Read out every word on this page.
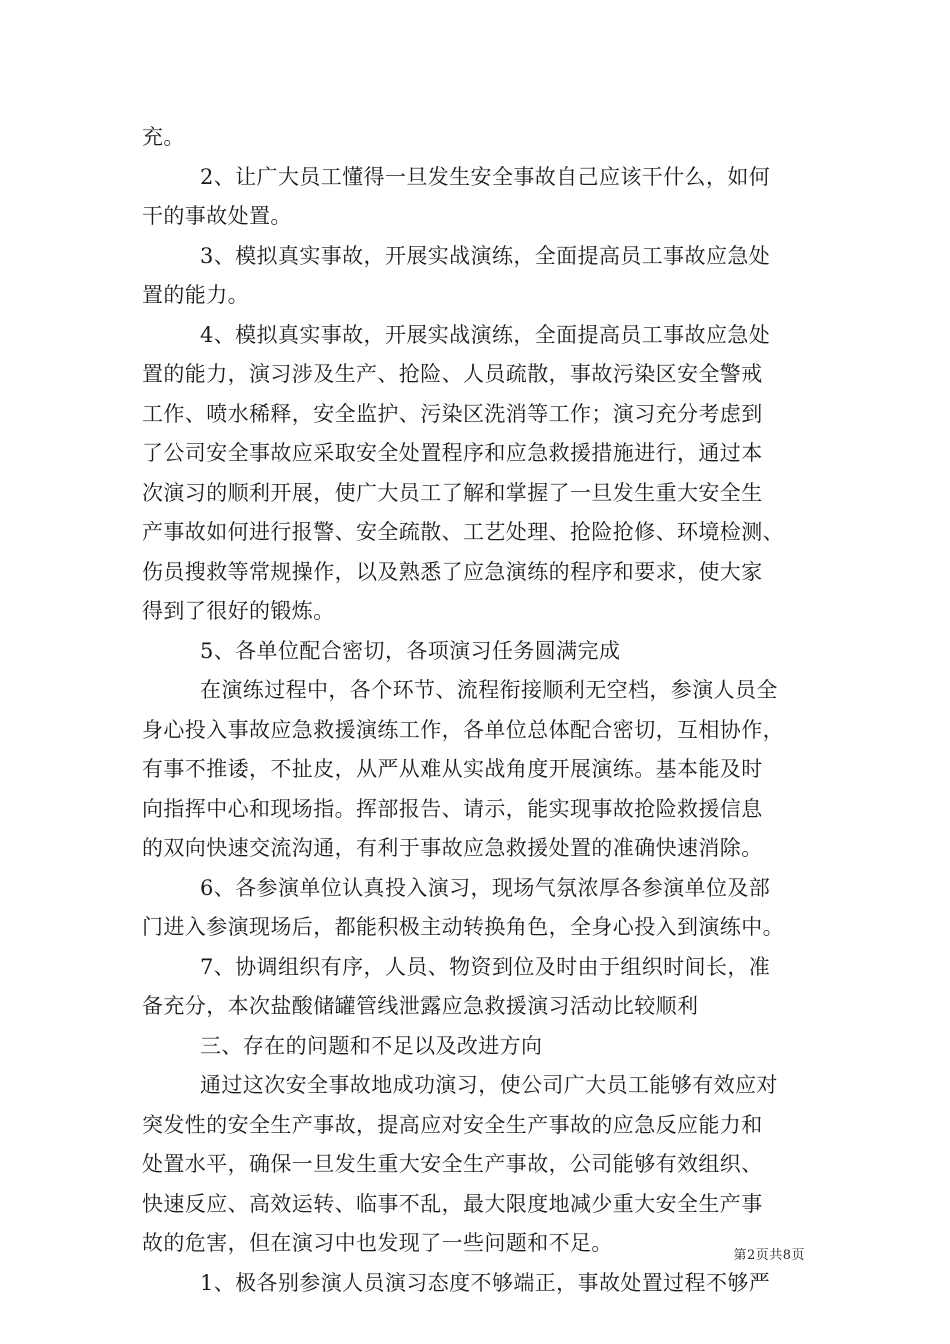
充。
2、让广大员工懂得一旦发生安全事故自己应该干什么，如何
干的事故处置。
3、模拟真实事故，开展实战演练，全面提高员工事故应急处
置的能力。
4、模拟真实事故，开展实战演练，全面提高员工事故应急处
置的能力，演习涉及生产、抢险、人员疏散，事故污染区安全警戒
工作、喷水稀释，安全监护、污染区洗消等工作；演习充分考虑到
了公司安全事故应采取安全处置程序和应急救援措施进行，通过本
次演习的顺利开展，使广大员工了解和掌握了一旦发生重大安全生
产事故如何进行报警、安全疏散、工艺处理、抢险抢修、环境检测、
伤员搜救等常规操作，以及熟悉了应急演练的程序和要求，使大家
得到了很好的锻炼。
5、各单位配合密切，各项演习任务圆满完成
在演练过程中，各个环节、流程衔接顺利无空档，参演人员全
身心投入事故应急救援演练工作，各单位总体配合密切，互相协作，
有事不推诿，不扯皮，从严从难从实战角度开展演练。基本能及时
向指挥中心和现场指。挥部报告、请示，能实现事故抢险救援信息
的双向快速交流沟通，有利于事故应急救援处置的准确快速消除。
6、各参演单位认真投入演习，现场气氛浓厚各参演单位及部
门进入参演现场后，都能积极主动转换角色，全身心投入到演练中。
7、协调组织有序，人员、物资到位及时由于组织时间长，准
备充分，本次盐酸储罐管线泄露应急救援演习活动比较顺利
三、存在的问题和不足以及改进方向
通过这次安全事故地成功演习，使公司广大员工能够有效应对
突发性的安全生产事故，提高应对安全生产事故的应急反应能力和
处置水平，确保一旦发生重大安全生产事故，公司能够有效组织、
快速反应、高效运转、临事不乱，最大限度地减少重大安全生产事
故的危害，但在演习中也发现了一些问题和不足。
1、极各别参演人员演习态度不够端正，事故处置过程不够严
第2页共8页
